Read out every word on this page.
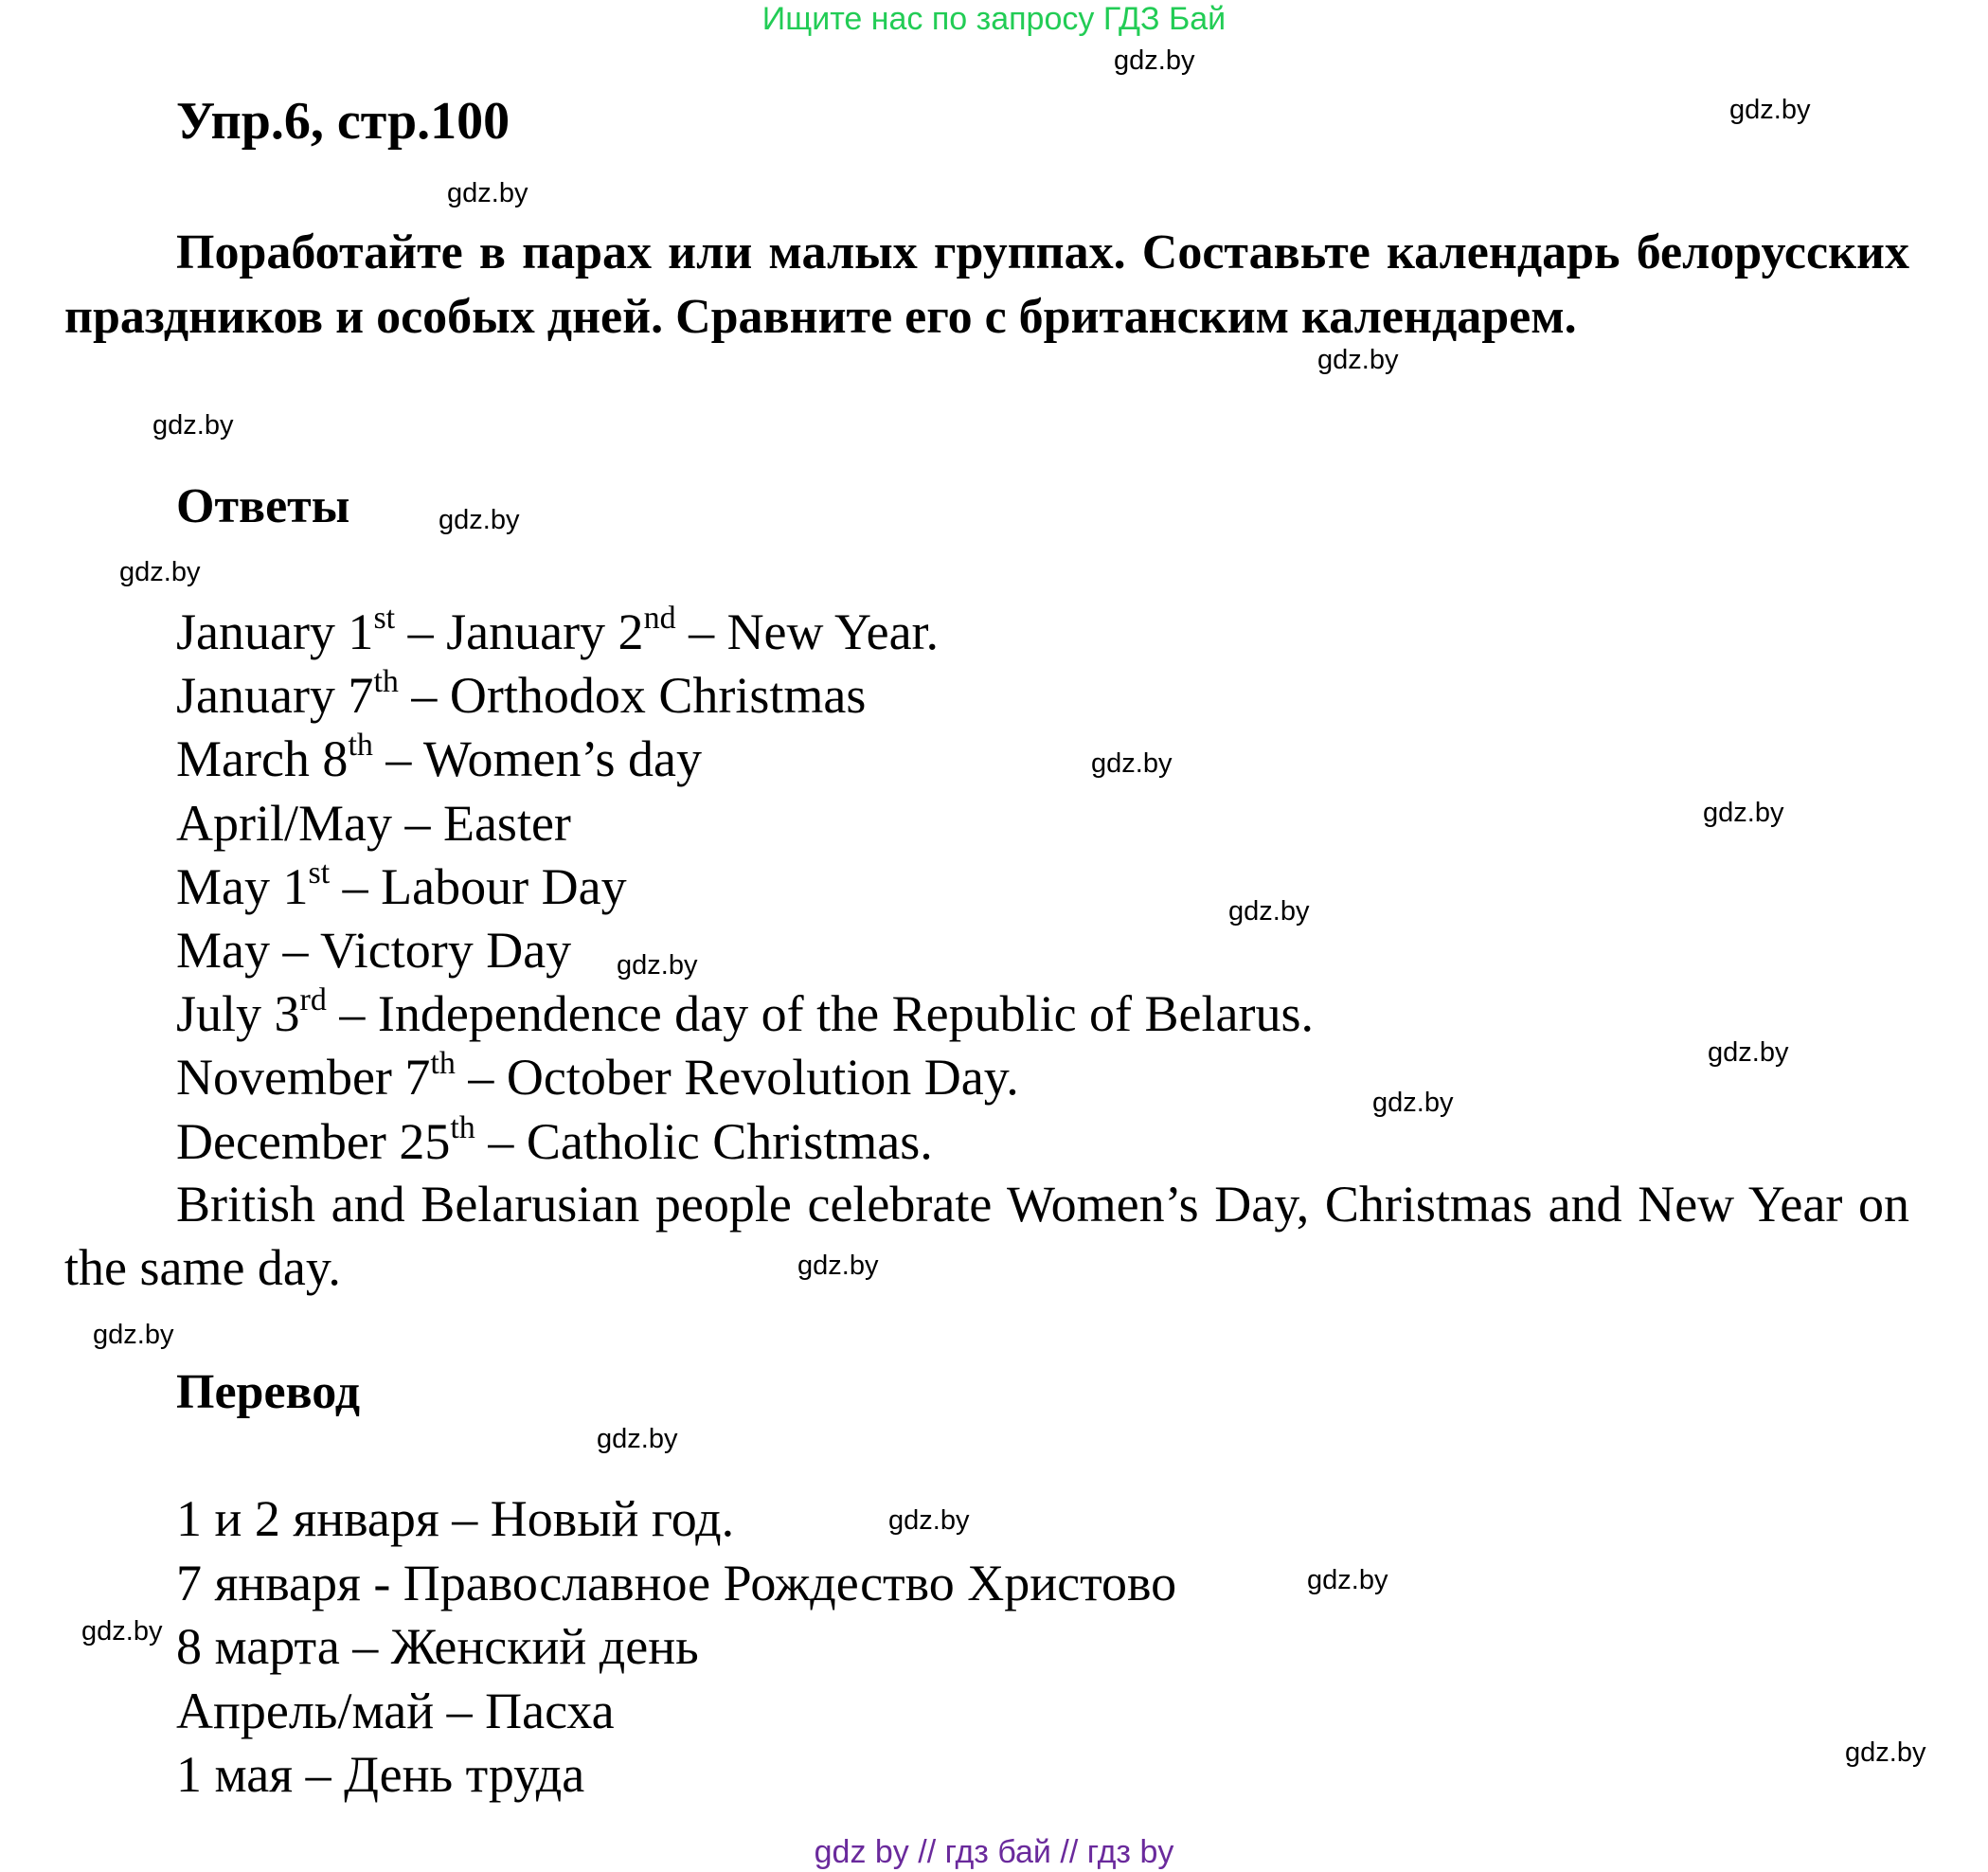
Ищите нас по запросу ГДЗ Бай
gdz.by
gdz.by
Упр.6, стр.100
gdz.by
Поработайте в парах или малых группах. Составьте календарь белорусских праздников и особых дней. Сравните его с британским календарем.
gdz.by
gdz.by
Ответы	gdz.by
gdz.by
January 1st – January 2nd – New Year.
January 7th – Orthodox Christmas
March 8th – Women’s day
April/May – Easter
May 1st – Labour Day
May – Victory Day
July 3rd – Independence day of the Republic of Belarus.
November 7th – October Revolution Day.
December 25th – Catholic Christmas.
gdz.by
gdz.by
gdz.by
gdz.by
gdz.by
gdz.by
British and Belarusian people celebrate Women’s Day, Christmas and New Year on the same day.	gdz.by
gdz.by
Перевод
gdz.by
gdz.by
gdz.by
gdz.by
1 и 2 января – Новый год.
7 января - Православное Рождество Христово
8 марта – Женский день
Апрель/май – Пасха
1 мая – День труда	gdz.by
gdz by // гдз бай // гдз by
